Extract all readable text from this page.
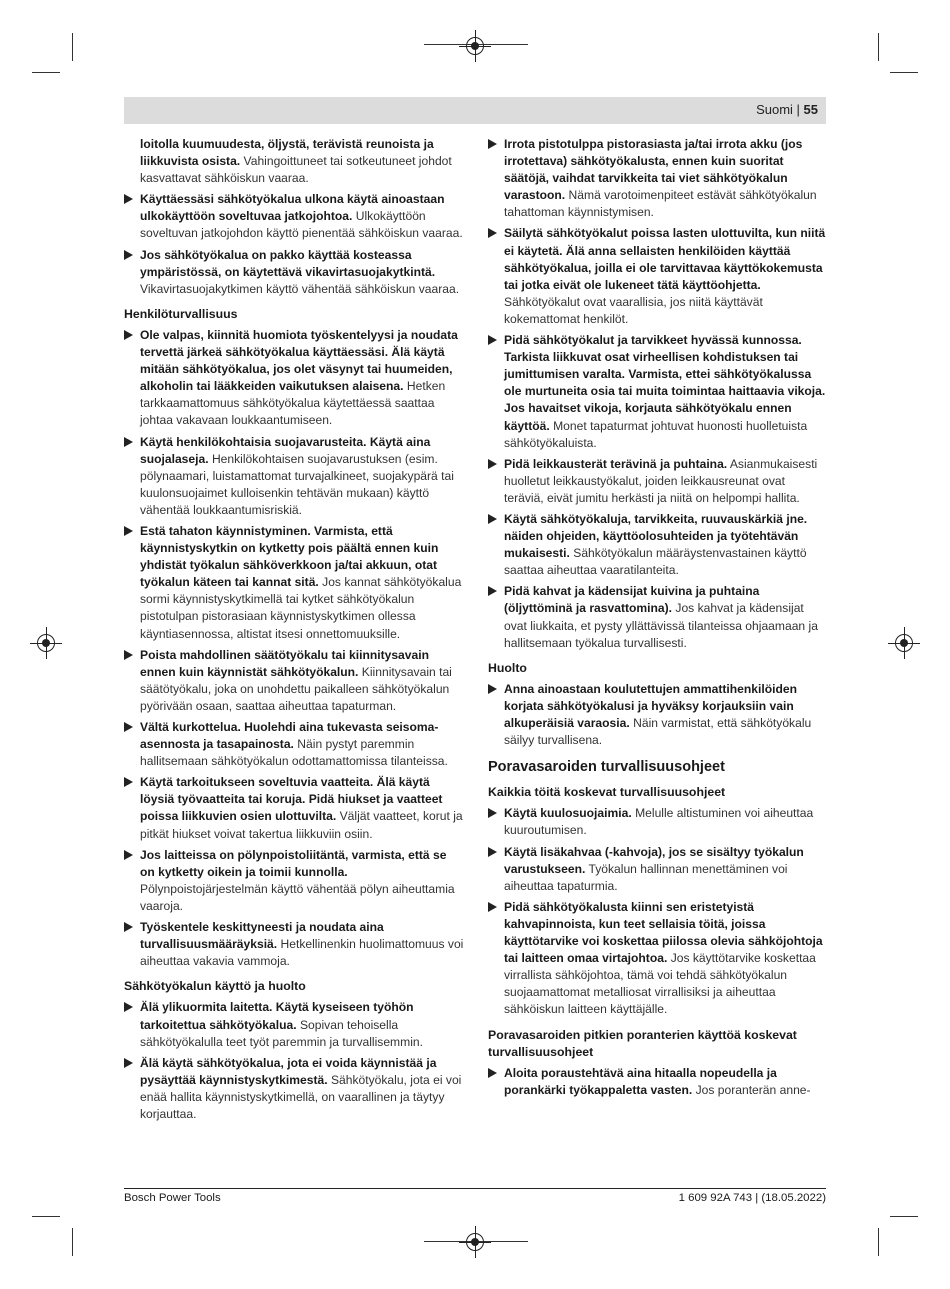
Suomi | 55

loitolla kuumuudesta, öljystä, terävistä reunoista ja liikkuvista osista. Vahingoittuneet tai sotkeutuneet johdot kasvattavat sähköiskun vaaraa.

Käyttäessäsi sähkötyökalua ulkona käytä ainoastaan ulkokäyttöön soveltuvaa jatkojohtoa. Ulkokäyttöön soveltuvan jatkojohdon käyttö pienentää sähköiskun vaaraa.
Jos sähkötyökalua on pakko käyttää kosteassa ympäristössä, on käytettävä vikavirtasuojakytkintä. Vikavirtasuojakytkimen käyttö vähentää sähköiskun vaaraa.
Henkilöturvallisuus
Ole valpas, kiinnitä huomiota työskentelyysi ja noudata tervettä järkeä sähkötyökalua käyttäessäsi. Älä käytä mitään sähkötyökalua, jos olet väsynyt tai huumeiden, alkoholin tai lääkkeiden vaikutuksen alaisena. Hetken tarkkaamattomuus sähkötyökalua käytettäessä saattaa johtaa vakavaan loukkaantumiseen.
Käytä henkilökohtaisia suojavarusteita. Käytä aina suojalaseja. Henkilökohtaisen suojavarustuksen (esim. pölynaamari, luistamattomat turvajalkineet, suojakypärä tai kuulonsuojaimet kulloisenkin tehtävän mukaan) käyttö vähentää loukkaantumisriskiä.
Estä tahaton käynnistyminen. Varmista, että käynnistyskytkin on kytketty pois päältä ennen kuin yhdistät työkalun sähköverkkoon ja/tai akkuun, otat työkalun käteen tai kannat sitä. Jos kannat sähkötyökalua sormi käynnistyskytkimellä tai kytket sähkötyökalun pistotulpan pistorasiaan käynnistyskytkimen ollessa käyntiasennossa, altistat itsesi onnettomuuksille.
Poista mahdollinen säätötyökalu tai kiinnitysavain ennen kuin käynnistät sähkötyökalun. Kiinnitysavain tai säätötyökalu, joka on unohdettu paikalleen sähkötyökalun pyörivään osaan, saattaa aiheuttaa tapaturman.
Vältä kurkottelua. Huolehdi aina tukevasta seisoma-asennosta ja tasapainosta. Näin pystyt paremmin hallitsemaan sähkötyökalun odottamattomissa tilanteissa.
Käytä tarkoitukseen soveltuvia vaatteita. Älä käytä löysiä työvaatteita tai koruja. Pidä hiukset ja vaatteet poissa liikkuvien osien ulottuvilta. Väljät vaatteet, korut ja pitkät hiukset voivat takertua liikkuviin osiin.
Jos laitteissa on pölynpoistoliitäntä, varmista, että se on kytketty oikein ja toimii kunnolla. Pölynpoistojärjestelmän käyttö vähentää pölyn aiheuttamia vaaroja.
Työskentele keskittyneesti ja noudata aina turvallisuusmääräyksiä. Hetkellinenkin huolimattomuus voi aiheuttaa vakavia vammoja.
Sähkötyökalun käyttö ja huolto
Älä ylikuormita laitetta. Käytä kyseiseen työhön tarkoitettua sähkötyökalua. Sopivan tehoisella sähkötyökalulla teet työt paremmin ja turvallisemmin.
Älä käytä sähkötyökalua, jota ei voida käynnistää ja pysäyttää käynnistyskytkimestä. Sähkötyökalu, jota ei voi enää hallita käynnistyskytkimellä, on vaarallinen ja täytyy korjauttaa.
Irrota pistotulppa pistorasiasta ja/tai irrota akku (jos irrotettava) sähkötyökalusta, ennen kuin suoritat säätöjä, vaihdat tarvikkeita tai viet sähkötyökalun varastoon. Nämä varotoimenpiteet estävät sähkötyökalun tahattoman käynnistymisen.
Säilytä sähkötyökalut poissa lasten ulottuvilta, kun niitä ei käytetä. Älä anna sellaisten henkilöiden käyttää sähkötyökalua, joilla ei ole tarvittavaa käyttökokemusta tai jotka eivät ole lukeneet tätä käyttöohjetta. Sähkötyökalut ovat vaarallisia, jos niitä käyttävät kokemattomat henkilöt.
Pidä sähkötyökalut ja tarvikkeet hyvässä kunnossa. Tarkista liikkuvat osat virheellisen kohdistuksen tai jumittumisen varalta. Varmista, ettei sähkötyökalussa ole murtuneita osia tai muita toimintaa haittaavia vikoja. Jos havaitset vikoja, korjauta sähkötyökalu ennen käyttöä. Monet tapaturmat johtuvat huonosti huolletuista sähkötyökaluista.
Pidä leikkausterät terävinä ja puhtaina. Asianmukaisesti huolletut leikkaustyökalut, joiden leikkausreunat ovat teräviä, eivät jumitu herkästi ja niitä on helpompi hallita.
Käytä sähkötyökaluja, tarvikkeita, ruuvauskärkiä jne. näiden ohjeiden, käyttöolosuhteiden ja työtehtävän mukaisesti. Sähkötyökalun määräystenvastainen käyttö saattaa aiheuttaa vaaratilanteita.
Pidä kahvat ja kädensijat kuivina ja puhtaina (öljyttöminä ja rasvattomina). Jos kahvat ja kädensijat ovat liukkaita, et pysty yllättävissä tilanteissa ohjaamaan ja hallitsemaan työkalua turvallisesti.
Huolto
Anna ainoastaan koulutettujen ammattihenkilöiden korjata sähkötyökalusi ja hyväksy korjauksiin vain alkuperäisiä varaosia. Näin varmistat, että sähkötyökalu säilyy turvallisena.
Poravasaroiden turvallisuusohjeet
Kaikkia töitä koskevat turvallisuusohjeet
Käytä kuulosuojaimia. Melulle altistuminen voi aiheuttaa kuuroutumisen.
Käytä lisäkahvaa (-kahvoja), jos se sisältyy työkalun varustukseen. Työkalun hallinnan menettäminen voi aiheuttaa tapaturmia.
Pidä sähkötyökalusta kiinni sen eristetyistä kahvapinnoista, kun teet sellaisia töitä, joissa käyttötarvike voi koskettaa piilossa olevia sähköjohtoja tai laitteen omaa virtajohtoa. Jos käyttötarvike koskettaa virrallista sähköjohtoa, tämä voi tehdä sähkötyökalun suojaamattomat metalliosat virrallisiksi ja aiheuttaa sähköiskun laitteen käyttäjälle.
Poravasaroiden pitkien poranterien käyttöä koskevat turvallisuusohjeet
Aloita poraustehtävä aina hitaalla nopeudella ja porankärki työkappaletta vasten. Jos poranterän anne-
Bosch Power Tools	1 609 92A 743 | (18.05.2022)
